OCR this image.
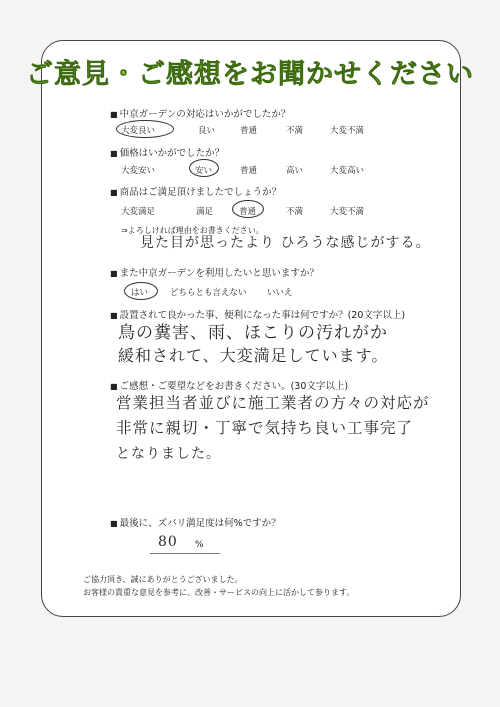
ご意見・ご感想をお聞かせください
■ 中京ガーデンの対応はいかがでしたか？
大変良い	良い	普通	不満	大変不満
■ 価格はいかがでしたか？
大変安い	安い	普通	高い	大変高い
■ 商品はご満足頂けましたでしょうか？
大変満足	満足	普通	不満	大変不満
⇒よろしければ理由をお書きください。
見た目が思ったより ひろうな感じがする。
■ また中京ガーデンを利用したいと思いますか？
はい	どちらとも言えない いいえ
■ 設置されて良かった事、便利になった事は何ですか？(20文字以上)
鳥の糞害、雨、ほこりの汚れがか
緩和されて、大変満足しています。
■ ご感想・ご要望などをお書きください。(30文字以上)
営業担当者並びに施工業者の方々の対応が
非常に親切・丁寧で気持ち良い工事完了
となりました。
■ 最後に、ズバリ満足度は何%ですか？
80 %
ご協力頂き、誠にありがとうございました。
お客様の貴重な意見を参考に、改善・サービスの向上に活かして参ります。
